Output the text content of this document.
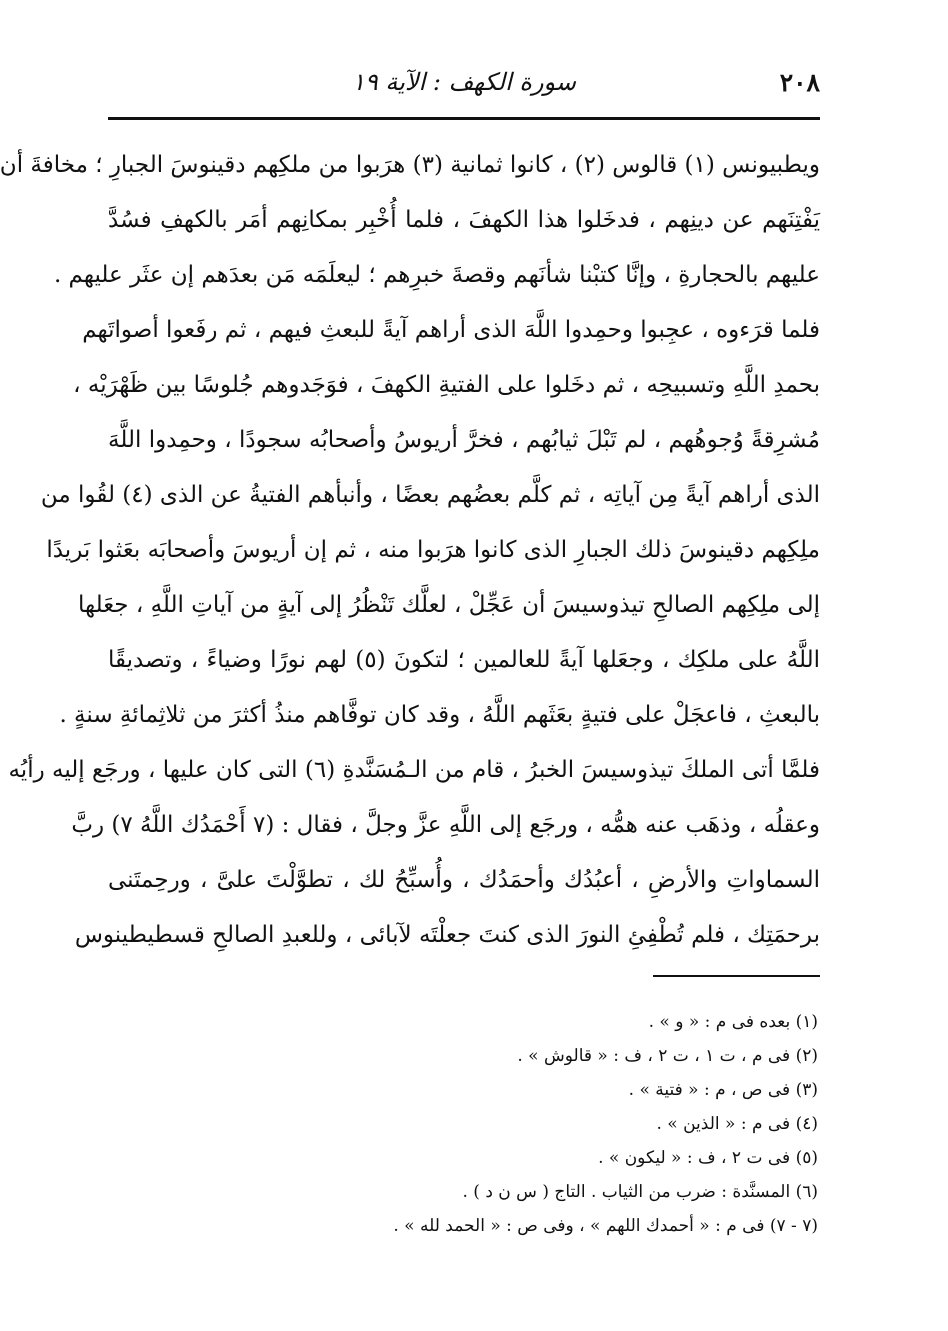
٢٠٨
سورة الكهف : الآية ١٩
ويطبيونس (١) قالوس (٢) ، كانوا ثمانية (٣) هرَبوا من ملكِهم دقينوسَ الجبارِ ؛ مخافةَ أن
يَفْتِنَهم عن دينِهم ، فدخَلوا هذا الكهفَ ، فلما أُخْبِر بمكانِهم أمَر بالكهفِ فسُدَّ
عليهم بالحجارةِ ، وإنَّا كتبْنا شأنَهم وقصةَ خبرِهم ؛ ليعلَمَه مَن بعدَهم إن عثَر عليهم .
فلما قرَءوه ، عجِبوا وحمِدوا اللَّهَ الذى أراهم آيةً للبعثِ فيهم ، ثم رفَعوا أصواتَهم
بحمدِ اللَّهِ وتسبيحِه ، ثم دخَلوا على الفتيةِ الكهفَ ، فوَجَدوهم جُلوسًا بين ظَهْرَيْه ،
مُشرِقةً وُجوهُهم ، لم تَبْلَ ثيابُهم ، فخرَّ أريوسُ وأصحابُه سجودًا ، وحمِدوا اللَّهَ
الذى أراهم آيةً مِن آياتِه ، ثم كلَّم بعضُهم بعضًا ، وأنبأهم الفتيةُ عن الذى (٤) لقُوا من
ملِكِهم دقينوسَ ذلك الجبارِ الذى كانوا هرَبوا منه ، ثم إن أريوسَ وأصحابَه بعَثوا بَريدًا
إلى ملِكِهم الصالحِ تيذوسيسَ أن عَجِّلْ ، لعلَّك تَنْظُرُ إلى آيةٍ من آياتِ اللَّهِ ، جعَلها
اللَّهُ على ملكِك ، وجعَلها آيةً للعالمين ؛ لتكونَ (٥) لهم نورًا وضياءً ، وتصديقًا
بالبعثِ ، فاعجَلْ على فتيةٍ بعَثَهم اللَّهُ ، وقد كان توفَّاهم منذُ أكثرَ من ثلاثِمائةِ سنةٍ .
فلمَّا أتى الملكَ تيذوسيسَ الخبرُ ، قام من الـمُسَنَّدةِ (٦) التى كان عليها ، ورجَع إليه رأيُه
وعقلُه ، وذهَب عنه همُّه ، ورجَع إلى اللَّهِ عزَّ وجلَّ ، فقال : (٧ أَحْمَدُك اللَّهُ ٧) ربَّ
السماواتِ والأرضِ ، أعبُدُك وأحمَدُك ، وأُسبِّحُ لك ، تطوَّلْتَ علىَّ ، ورحِمتَنى
برحمَتِك ، فلم تُطْفِئِ النورَ الذى كنتَ جعلْتَه لآبائى ، وللعبدِ الصالحِ قسطيطينوس
(١) بعده فى م : « و » .
(٢) فى م ، ت ١ ، ت ٢ ، ف : « قالوش » .
(٣) فى ص ، م : « فتية » .
(٤) فى م : « الذين » .
(٥) فى ت ٢ ، ف : « ليكون » .
(٦) المسنَّدة : ضرب من الثياب . التاج ( س ن د ) .
(٧ - ٧) فى م : « أحمدك اللهم » ، وفى ص : « الحمد لله » .
